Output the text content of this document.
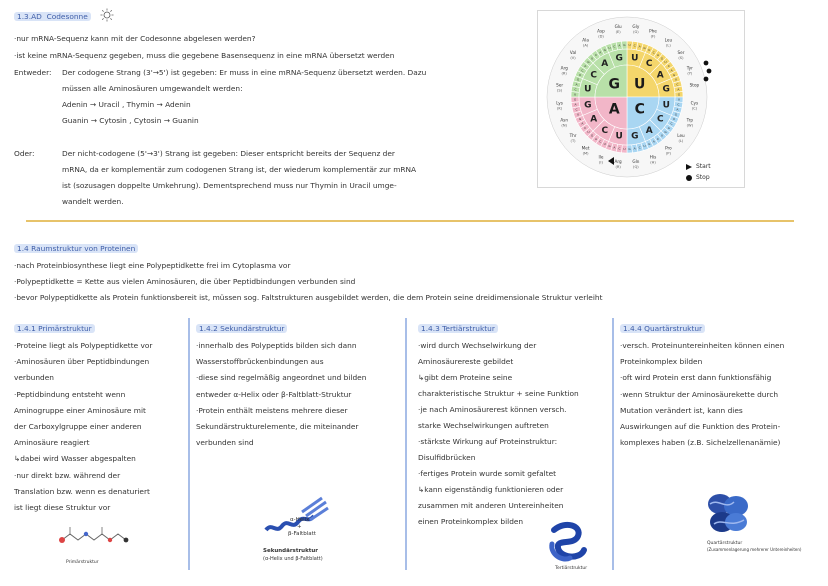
1.3.AD Codesonne
·nur mRNA-Sequenz kann mit der Codesonne abgelesen werden?
·ist keine mRNA-Sequenz gegeben, muss die gegebene Basensequenz in eine mRNA übersetzt werden
Entweder: Der codogene Strang (3'→5') ist gegeben: Er muss in eine mRNA-Sequenz übersetzt werden. Dazu
müssen alle Aminosäuren umgewandelt werden:
Adenin → Uracil , Thymin → Adenin
Guanin → Cytosin , Cytosin → Guanin
Oder:	Der nicht-codogene (5'→3') Strang ist gegeben: Dieser entspricht bereits der Sequenz der
mRNA, da er komplementär zum codogenen Strang ist, der wiederum komplementär zur mRNA
ist (sozusagen doppelte Umkehrung). Dementsprechend muss nur Thymin in Uracil umge-
wandelt werden.
U C A G U
C
A
G
U
C
A
G
U
C
A
G
U
C
A
G
U
C
A
G
U
C
A
G
U
C
A
G
U
C
A
G
U
C
A
G
U
C
A
G
U
C
A
G
U
C
A
G
U
C
A
G
U
C
A
G U C A G
U
C
A
G
U
C
A
G
U
C
A
G
U
C
A
G
U
C
A
G
Gly
(G) Phe
(F)
Leu
(L)
Ser
(S)
Tyr
(Y)
Stop
Cys
(C)
Trp
(W)
Leu
(L)
Pro
(P)
His
(H)
Gln
(Q)
Arg
(R)
Ile
(I)
Met
(M)
Thr
(T)
Asn
(N)
Lys
(K)
Ser
(S)
Arg
(R)
Val
(V)
Ala
(A)
Asp
(D)
Glu
(E)
Start
Stop
1.4 Raumstruktur von Proteinen
·nach Proteinbiosynthese liegt eine Polypeptidkette frei im Cytoplasma vor
·Polypeptidkette = Kette aus vielen Aminosäuren, die über Peptidbindungen verbunden sind
·bevor Polypeptidkette als Protein funktionsbereit ist, müssen sog. Faltstrukturen ausgebildet werden, die dem Protein seine dreidimensionale Struktur verleiht
1.4.1 Primärstruktur
·Proteine liegt als Polypeptidkette vor
·Aminosäuren über Peptidbindungen
verbunden
·Peptidbindung entsteht wenn
Aminogruppe einer Aminosäure mit
der Carboxylgruppe einer anderen
Aminosäure reagiert
↳dabei wird Wasser abgespalten
·nur direkt bzw. während der
Translation bzw. wenn es denaturiert
ist liegt diese Struktur vor
Primärstruktur
1.4.2 Sekundärstruktur
·innerhalb des Polypeptids bilden sich dann
Wasserstoffbrückenbindungen aus
·diese sind regelmäßig angeordnet und bilden
entweder α-Helix oder β-Faltblatt-Struktur
·Protein enthält meistens mehrere dieser
Sekundärstrukturelemente, die miteinander
verbunden sind
α-Helix
+
β-Faltblatt
Sekundärstruktur
(α-Helix und β-Faltblatt)
1.4.3 Tertiärstruktur
·wird durch Wechselwirkung der
Aminosäurereste gebildet
↳gibt dem Proteine seine
charakteristische Struktur + seine Funktion
·je nach Aminosäurerest können versch.
starke Wechselwirkungen auftreten
·stärkste Wirkung auf Proteinstruktur:
Disulfidbrücken
·fertiges Protein wurde somit gefaltet
↳kann eigenständig funktionieren oder
zusammen mit anderen Untereinheiten
einen Proteinkomplex bilden
Tertiärstruktur
1.4.4 Quartärstruktur
·versch. Proteinuntereinheiten können einen
Proteinkomplex bilden
·oft wird Protein erst dann funktionsfähig
·wenn Struktur der Aminosäurekette durch
Mutation verändert ist, kann dies
Auswirkungen auf die Funktion des Protein-
komplexes haben (z.B. Sichelzellenanämie)
Quartärstruktur
(Zusammenlagerung mehrerer Untereinheiten)
